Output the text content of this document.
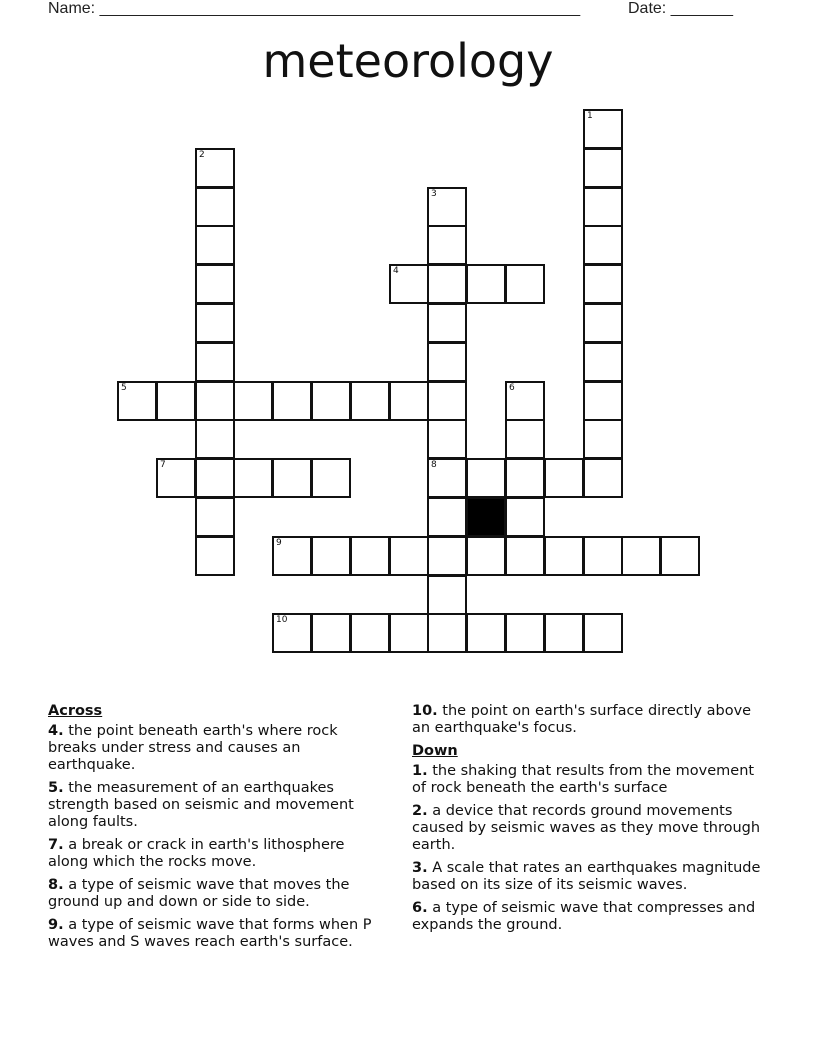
Name: ______________________________________________________	Date: _______
meteorology
1
2
3
8
4
5	6
7
9
10
Across
4. the point beneath earth's where rock breaks under stress and causes an earthquake.
5. the measurement of an earthquakes strength based on seismic and movement along faults.
7. a break or crack in earth's lithosphere along which the rocks move.
8. a type of seismic wave that moves the ground up and down or side to side.
9. a type of seismic wave that forms when P waves and S waves reach earth's surface.
10. the point on earth's surface directly above an earthquake's focus.
Down
1. the shaking that results from the movement of rock beneath the earth's surface
2. a device that records ground movements caused by seismic waves as they move through earth.
3. A scale that rates an earthquakes magnitude based on its size of its seismic waves.
6. a type of seismic wave that compresses and expands the ground.
